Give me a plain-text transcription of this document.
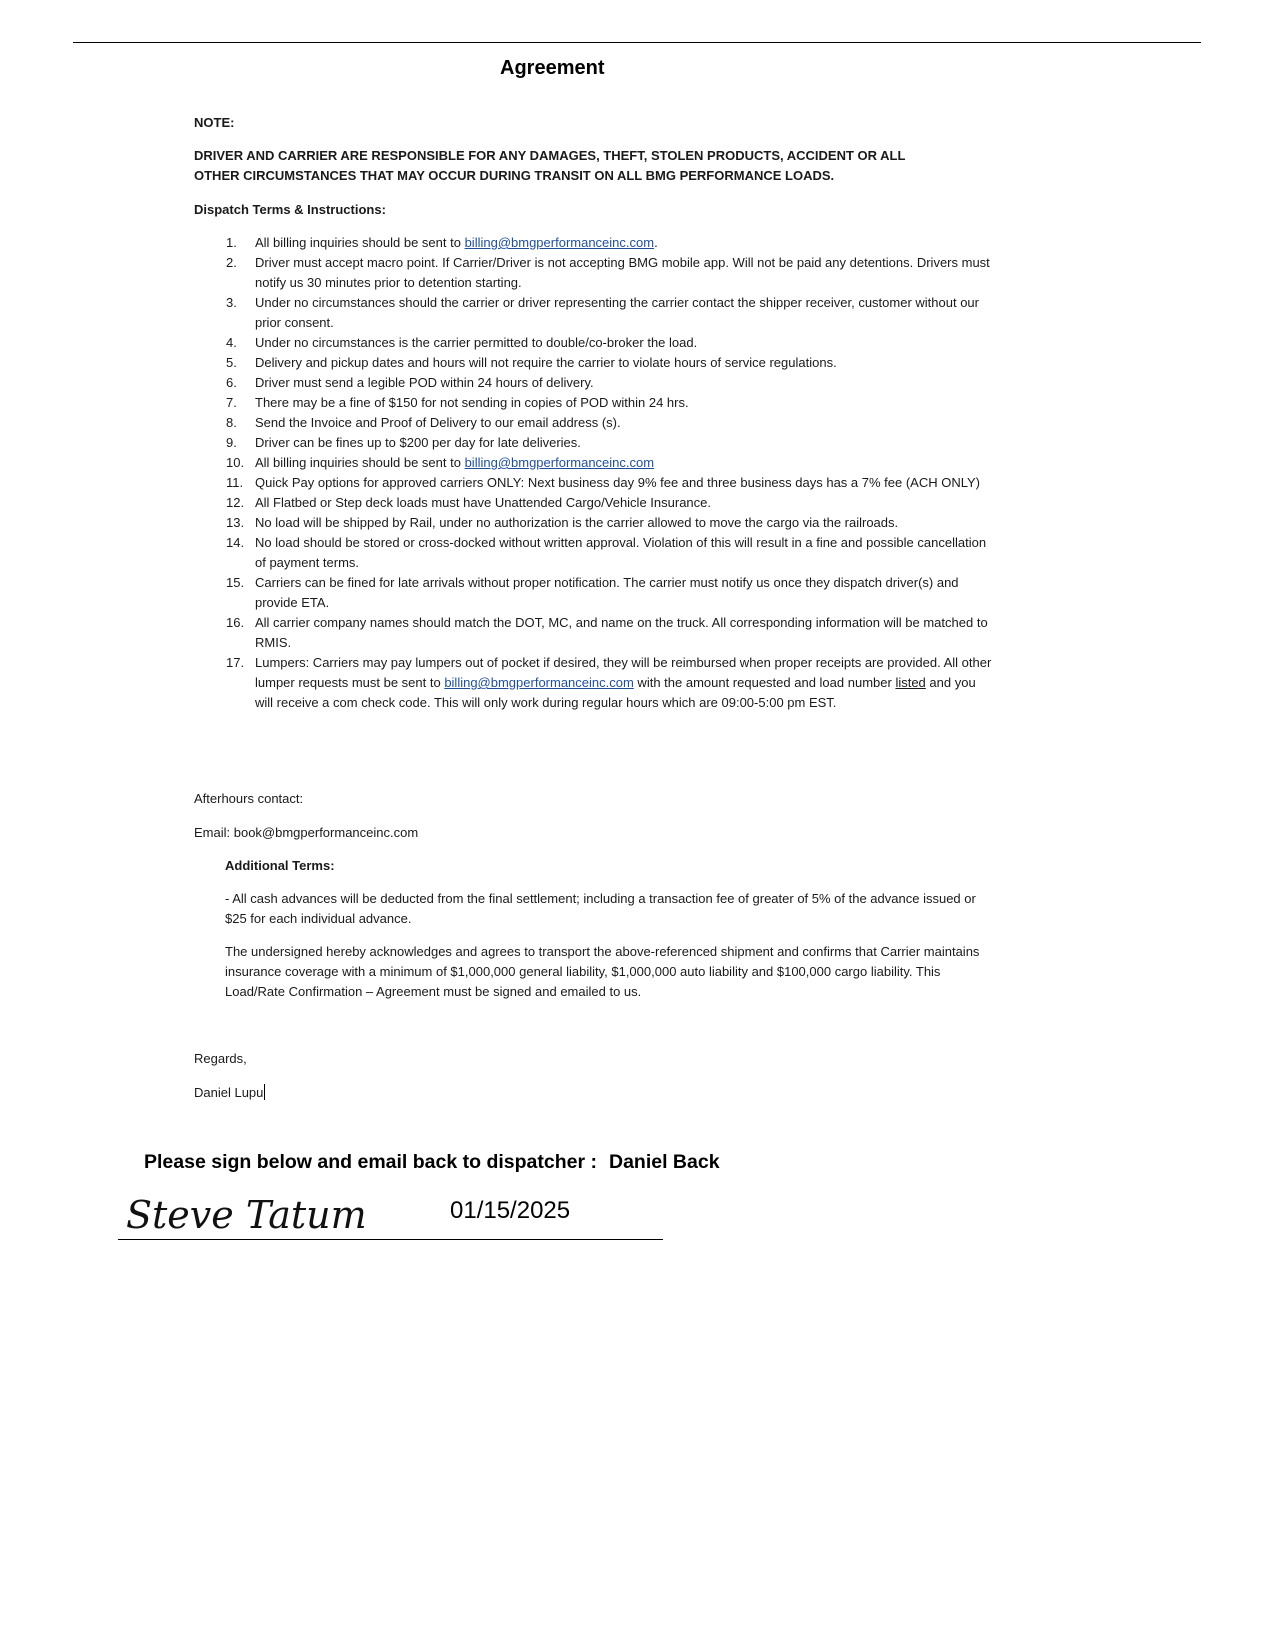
Agreement
NOTE:
DRIVER AND CARRIER ARE RESPONSIBLE FOR ANY DAMAGES, THEFT, STOLEN PRODUCTS, ACCIDENT OR ALL OTHER CIRCUMSTANCES THAT MAY OCCUR DURING TRANSIT ON ALL BMG PERFORMANCE LOADS.
Dispatch Terms & Instructions:
1. All billing inquiries should be sent to billing@bmgperformanceinc.com.
2. Driver must accept macro point. If Carrier/Driver is not accepting BMG mobile app. Will not be paid any detentions. Drivers must notify us 30 minutes prior to detention starting.
3. Under no circumstances should the carrier or driver representing the carrier contact the shipper receiver, customer without our prior consent.
4. Under no circumstances is the carrier permitted to double/co-broker the load.
5. Delivery and pickup dates and hours will not require the carrier to violate hours of service regulations.
6. Driver must send a legible POD within 24 hours of delivery.
7. There may be a fine of $150 for not sending in copies of POD within 24 hrs.
8. Send the Invoice and Proof of Delivery to our email address (s).
9. Driver can be fines up to $200 per day for late deliveries.
10. All billing inquiries should be sent to billing@bmgperformanceinc.com
11. Quick Pay options for approved carriers ONLY: Next business day 9% fee and three business days has a 7% fee (ACH ONLY)
12. All Flatbed or Step deck loads must have Unattended Cargo/Vehicle Insurance.
13. No load will be shipped by Rail, under no authorization is the carrier allowed to move the cargo via the railroads.
14. No load should be stored or cross-docked without written approval. Violation of this will result in a fine and possible cancellation of payment terms.
15. Carriers can be fined for late arrivals without proper notification. The carrier must notify us once they dispatch driver(s) and provide ETA.
16. All carrier company names should match the DOT, MC, and name on the truck. All corresponding information will be matched to RMIS.
17. Lumpers: Carriers may pay lumpers out of pocket if desired, they will be reimbursed when proper receipts are provided. All other lumper requests must be sent to billing@bmgperformanceinc.com with the amount requested and load number listed and you will receive a com check code. This will only work during regular hours which are 09:00-5:00 pm EST.
Afterhours contact:
Email: book@bmgperformanceinc.com
Additional Terms:
- All cash advances will be deducted from the final settlement; including a transaction fee of greater of 5% of the advance issued or $25 for each individual advance.
The undersigned hereby acknowledges and agrees to transport the above-referenced shipment and confirms that Carrier maintains insurance coverage with a minimum of $1,000,000 general liability, $1,000,000 auto liability and $100,000 cargo liability. This Load/Rate Confirmation – Agreement must be signed and emailed to us.
Regards,
Daniel Lupu
Please sign below and email back to dispatcher : Daniel Back
Steve Tatum	01/15/2025
